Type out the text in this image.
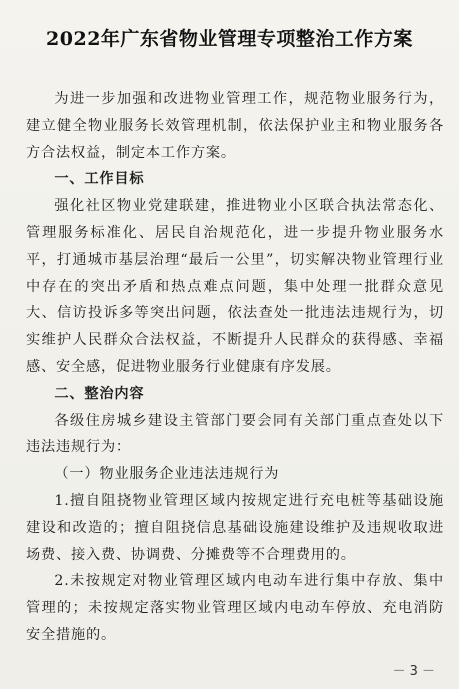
2022年广东省物业管理专项整治工作方案

为进一步加强和改进物业管理工作，规范物业服务行为，建立健全物业服务长效管理机制，依法保护业主和物业服务各方合法权益，制定本工作方案。

一、工作目标

强化社区物业党建联建，推进物业小区联合执法常态化、管理服务标准化、居民自治规范化，进一步提升物业服务水平，打通城市基层治理“最后一公里”，切实解决物业管理行业中存在的突出矛盾和热点难点问题，集中处理一批群众意见大、信访投诉多等突出问题，依法查处一批违法违规行为，切实维护人民群众合法权益，不断提升人民群众的获得感、幸福感、安全感，促进物业服务行业健康有序发展。

二、整治内容

各级住房城乡建设主管部门要会同有关部门重点查处以下违法违规行为：

（一）物业服务企业违法违规行为

1.擅自阻挠物业管理区域内按规定进行充电桩等基础设施建设和改造的；擅自阻挠信息基础设施建设维护及违规收取进场费、接入费、协调费、分摊费等不合理费用的。

2.未按规定对物业管理区域内电动车进行集中存放、集中管理的；未按规定落实物业管理区域内电动车停放、充电消防安全措施的。

－ 3 －
